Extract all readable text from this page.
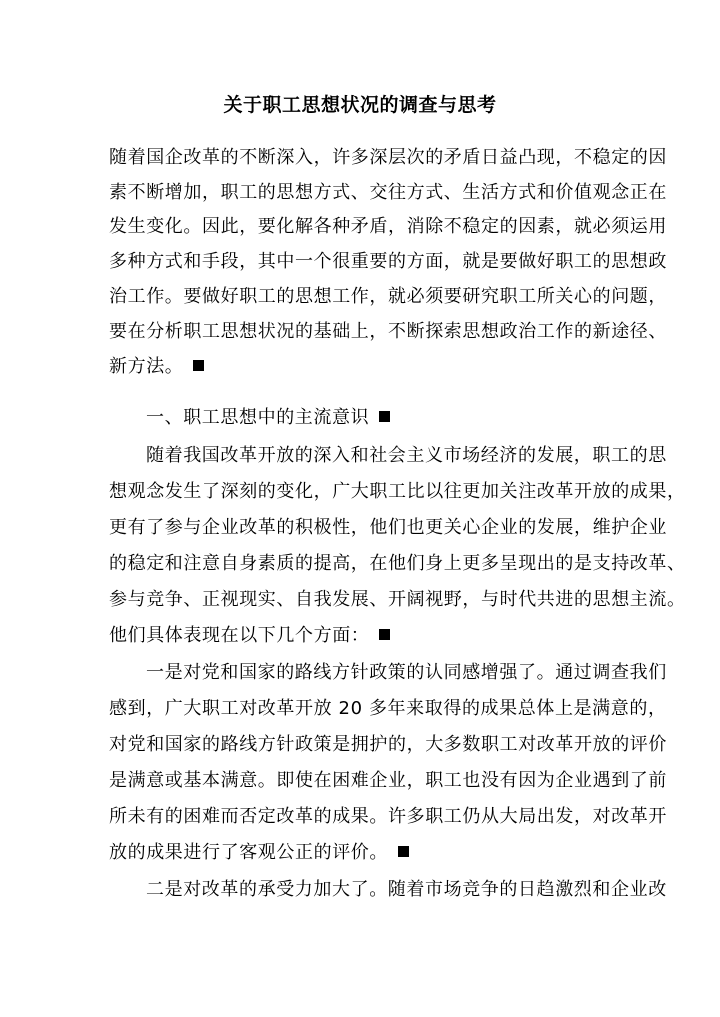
关于职工思想状况的调查与思考
随着国企改革的不断深入，许多深层次的矛盾日益凸现，不稳定的因
素不断增加，职工的思想方式、交往方式、生活方式和价值观念正在
发生变化。因此，要化解各种矛盾，消除不稳定的因素，就必须运用
多种方式和手段，其中一个很重要的方面，就是要做好职工的思想政
治工作。要做好职工的思想工作，就必须要研究职工所关心的问题，
要在分析职工思想状况的基础上，不断探索思想政治工作的新途径、
新方法。
一、职工思想中的主流意识
随着我国改革开放的深入和社会主义市场经济的发展，职工的思
想观念发生了深刻的变化，广大职工比以往更加关注改革开放的成果，
更有了参与企业改革的积极性，他们也更关心企业的发展，维护企业
的稳定和注意自身素质的提高，在他们身上更多呈现出的是支持改革、
参与竞争、正视现实、自我发展、开阔视野，与时代共进的思想主流。
他们具体表现在以下几个方面：
一是对党和国家的路线方针政策的认同感增强了。通过调查我们
感到，广大职工对改革开放 20 多年来取得的成果总体上是满意的，
对党和国家的路线方针政策是拥护的，大多数职工对改革开放的评价
是满意或基本满意。即使在困难企业，职工也没有因为企业遇到了前
所未有的困难而否定改革的成果。许多职工仍从大局出发，对改革开
放的成果进行了客观公正的评价。
二是对改革的承受力加大了。随着市场竞争的日趋激烈和企业改
